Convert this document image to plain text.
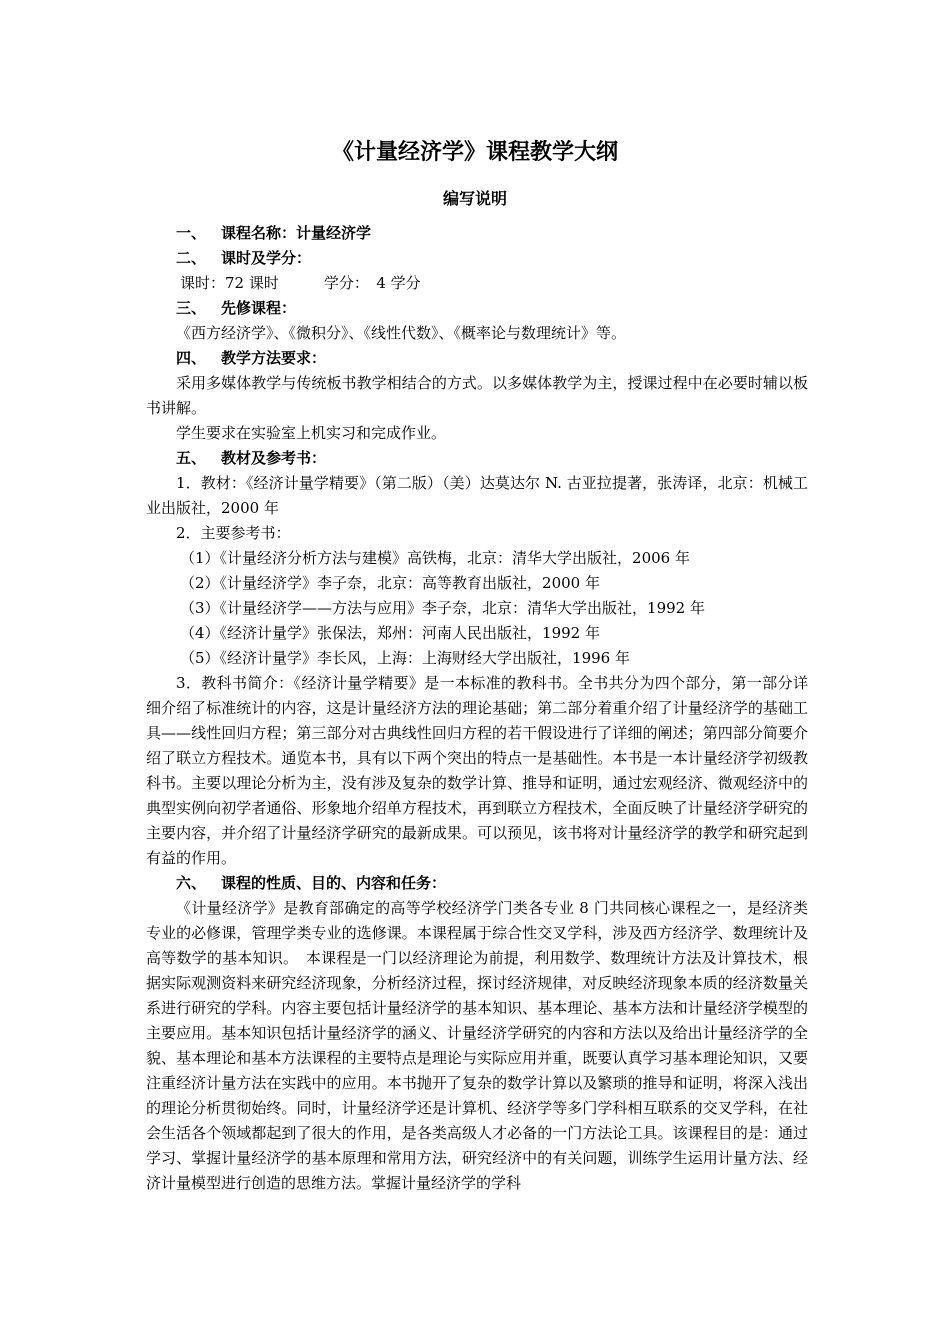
《计量经济学》课程教学大纲
编写说明

一、 课程名称：计量经济学

二、 课时及学分：

课时：72 课时　　　学分：　4 学分

三、 先修课程：

《西方经济学》、《微积分》、《线性代数》、《概率论与数理统计》等。

四、 教学方法要求：

采用多媒体教学与传统板书教学相结合的方式。以多媒体教学为主，授课过程中在必要时辅以板书讲解。

学生要求在实验室上机实习和完成作业。

五、 教材及参考书：

1．教材：《经济计量学精要》（第二版）（美）达莫达尔 N. 古亚拉提著，张涛译，北京：机械工业出版社，2000 年

2．主要参考书：

（1）《计量经济分析方法与建模》高铁梅，北京：清华大学出版社，2006 年

（2）《计量经济学》李子奈，北京：高等教育出版社，2000 年

（3）《计量经济学——方法与应用》李子奈，北京：清华大学出版社，1992 年

（4）《经济计量学》张保法，郑州：河南人民出版社，1992 年

（5）《经济计量学》李长风，上海：上海财经大学出版社，1996 年

3．教科书简介：《经济计量学精要》是一本标准的教科书。全书共分为四个部分，第一部分详细介绍了标准统计的内容，这是计量经济方法的理论基础；第二部分着重介绍了计量经济学的基础工具——线性回归方程；第三部分对古典线性回归方程的若干假设进行了详细的阐述；第四部分简要介绍了联立方程技术。通览本书，具有以下两个突出的特点一是基础性。本书是一本计量经济学初级教科书。主要以理论分析为主，没有涉及复杂的数学计算、推导和证明，通过宏观经济、微观经济中的典型实例向初学者通俗、形象地介绍单方程技术，再到联立方程技术，全面反映了计量经济学研究的主要内容，并介绍了计量经济学研究的最新成果。可以预见，该书将对计量经济学的教学和研究起到有益的作用。

六、 课程的性质、目的、内容和任务：

《计量经济学》是教育部确定的高等学校经济学门类各专业 8 门共同核心课程之一，是经济类专业的必修课，管理学类专业的选修课。本课程属于综合性交叉学科，涉及西方经济学、数理统计及高等数学的基本知识。　本课程是一门以经济理论为前提，利用数学、数理统计方法及计算技术，根据实际观测资料来研究经济现象，分析经济过程，探讨经济规律，对反映经济现象本质的经济数量关系进行研究的学科。内容主要包括计量经济学的基本知识、基本理论、基本方法和计量经济学模型的主要应用。基本知识包括计量经济学的涵义、计量经济学研究的内容和方法以及给出计量经济学的全貌、基本理论和基本方法课程的主要特点是理论与实际应用并重，既要认真学习基本理论知识，又要注重经济计量方法在实践中的应用。本书抛开了复杂的数学计算以及繁琐的推导和证明，将深入浅出的理论分析贯彻始终。同时，计量经济学还是计算机、经济学等多门学科相互联系的交叉学科，在社会生活各个领域都起到了很大的作用，是各类高级人才必备的一门方法论工具。该课程目的是：通过学习、掌握计量经济学的基本原理和常用方法，研究经济中的有关问题，训练学生运用计量方法、经济计量模型进行创造的思维方法。掌握计量经济学的学科
